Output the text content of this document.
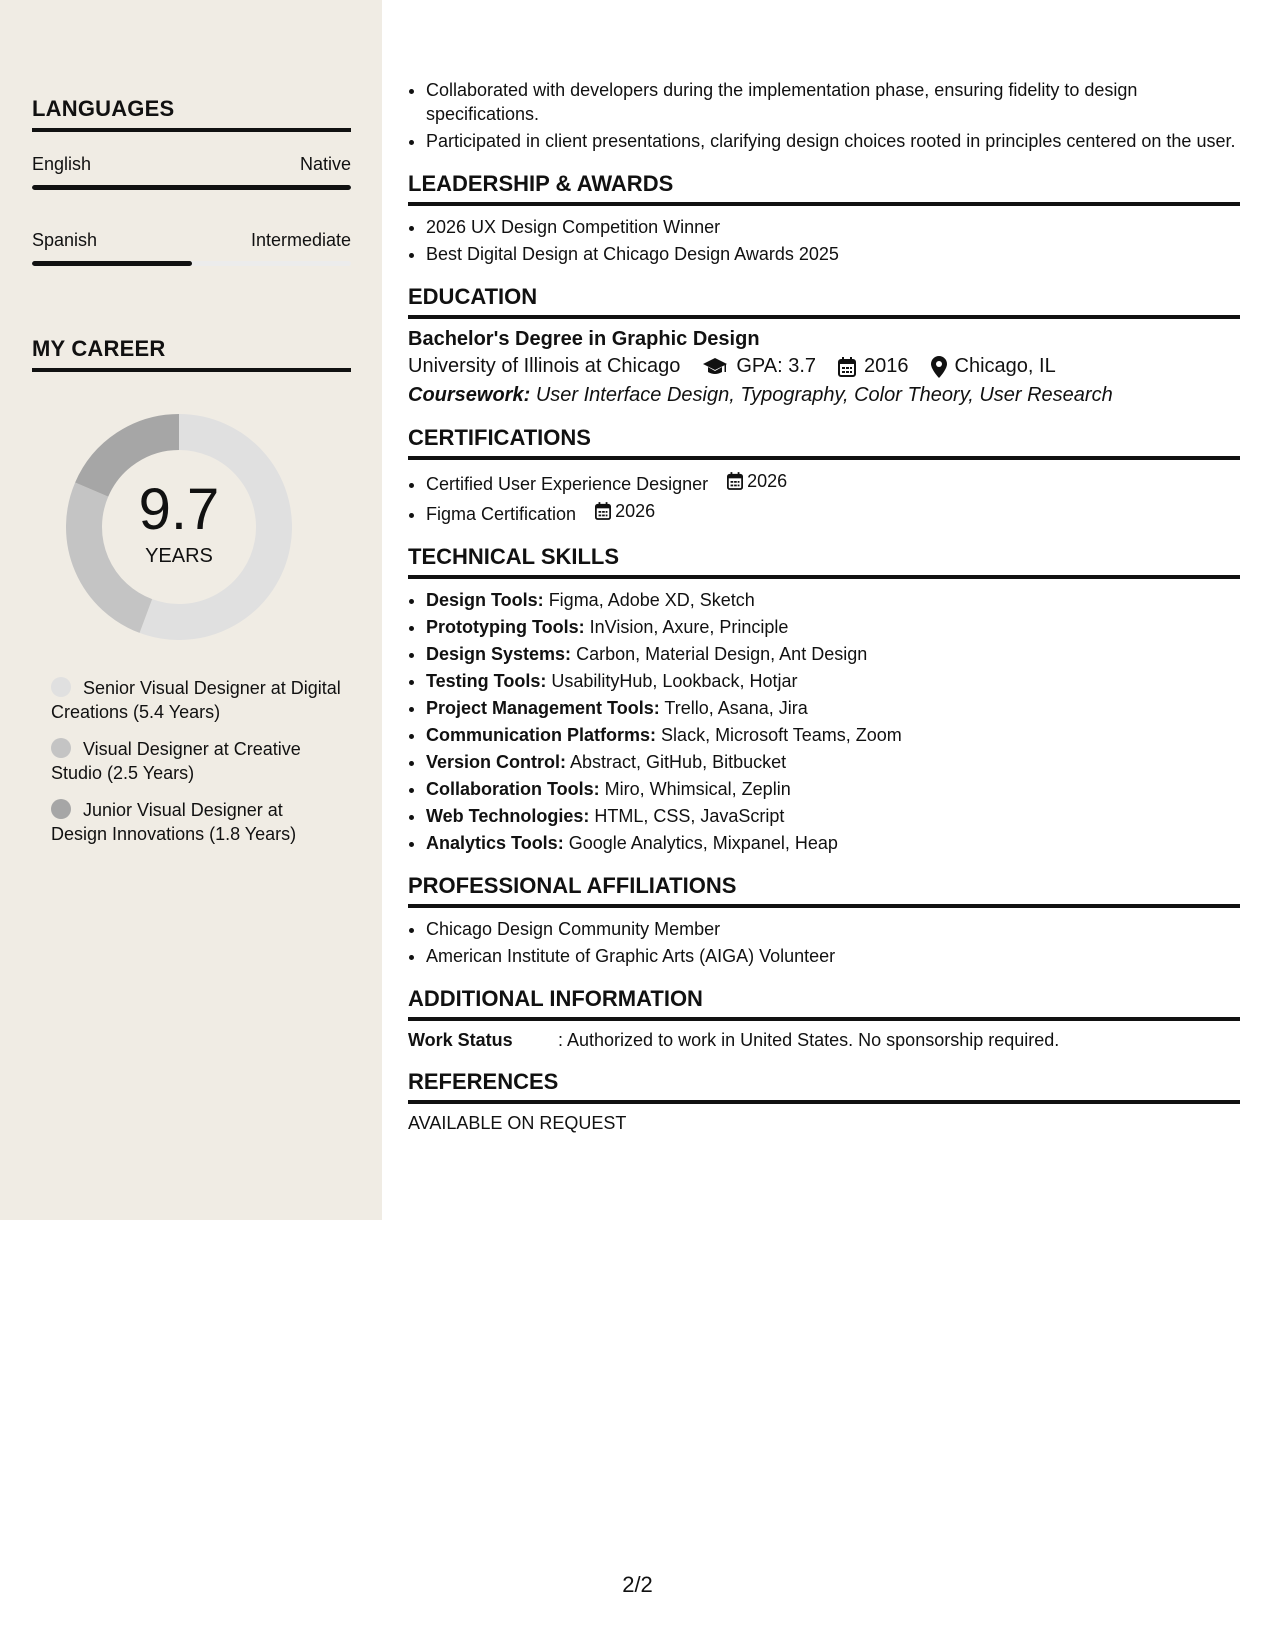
LANGUAGES
English	Native
Spanish	Intermediate
MY CAREER
9.7
YEARS
Senior Visual Designer at Digital Creations (5.4 Years)
Visual Designer at Creative Studio (2.5 Years)
Junior Visual Designer at Design Innovations (1.8 Years)
• Collaborated with developers during the implementation phase, ensuring fidelity to design specifications.
• Participated in client presentations, clarifying design choices rooted in principles centered on the user.
LEADERSHIP & AWARDS
• 2026 UX Design Competition Winner
• Best Digital Design at Chicago Design Awards 2025
EDUCATION
Bachelor's Degree in Graphic Design
University of Illinois at Chicago	GPA: 3.7 2016 Chicago, IL
Coursework: User Interface Design, Typography, Color Theory, User Research
CERTIFICATIONS
• Certified User Experience Designer 2026
• Figma Certification 2026
TECHNICAL SKILLS
• Design Tools: Figma, Adobe XD, Sketch
• Prototyping Tools: InVision, Axure, Principle
• Design Systems: Carbon, Material Design, Ant Design
• Testing Tools: UsabilityHub, Lookback, Hotjar
• Project Management Tools: Trello, Asana, Jira
• Communication Platforms: Slack, Microsoft Teams, Zoom
• Version Control: Abstract, GitHub, Bitbucket
• Collaboration Tools: Miro, Whimsical, Zeplin
• Web Technologies: HTML, CSS, JavaScript
• Analytics Tools: Google Analytics, Mixpanel, Heap
PROFESSIONAL AFFILIATIONS
• Chicago Design Community Member
• American Institute of Graphic Arts (AIGA) Volunteer
ADDITIONAL INFORMATION
Work Status	: Authorized to work in United States. No sponsorship required.
REFERENCES
AVAILABLE ON REQUEST
2/2
